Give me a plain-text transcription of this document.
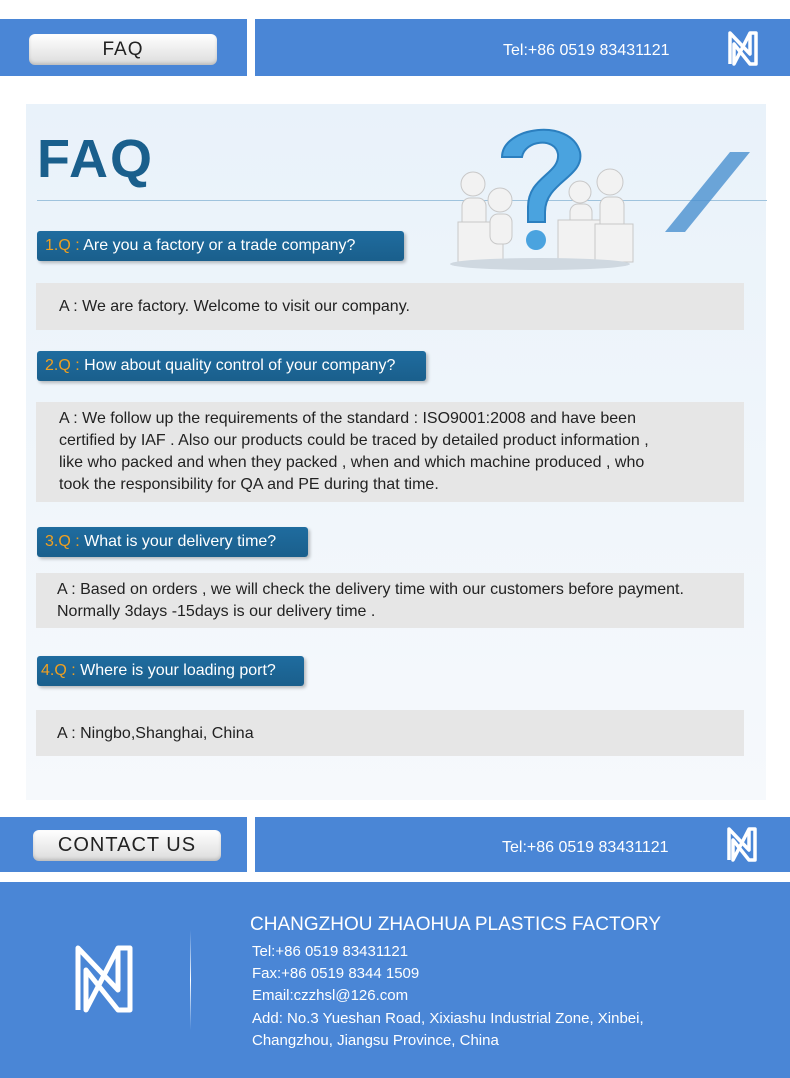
FAQ	Tel:+86 0519 83431121
FAQ
1.Q : Are you a factory or a trade company?
A : We are factory. Welcome to visit our company.
2.Q : How about quality control of your company?
A : We follow up the requirements of the standard : ISO9001:2008 and have been
certified by IAF . Also our products could be traced by detailed product information ,
like who packed and when they packed , when and which machine produced , who
took the responsibility for QA and PE during that time.
3.Q : What is your delivery time?
A : Based on orders , we will check the delivery time with our customers before payment.
Normally 3days -15days is our delivery time .
4.Q : Where is your loading port?
A : Ningbo,Shanghai, China
CONTACT US	Tel:+86 0519 83431121
CHANGZHOU ZHAOHUA PLASTICS FACTORY
Tel:+86 0519 83431121
Fax:+86 0519 8344 1509
Email:czzhsl@126.com
Add: No.3 Yueshan Road, Xixiashu Industrial Zone, Xinbei,
Changzhou, Jiangsu Province, China
